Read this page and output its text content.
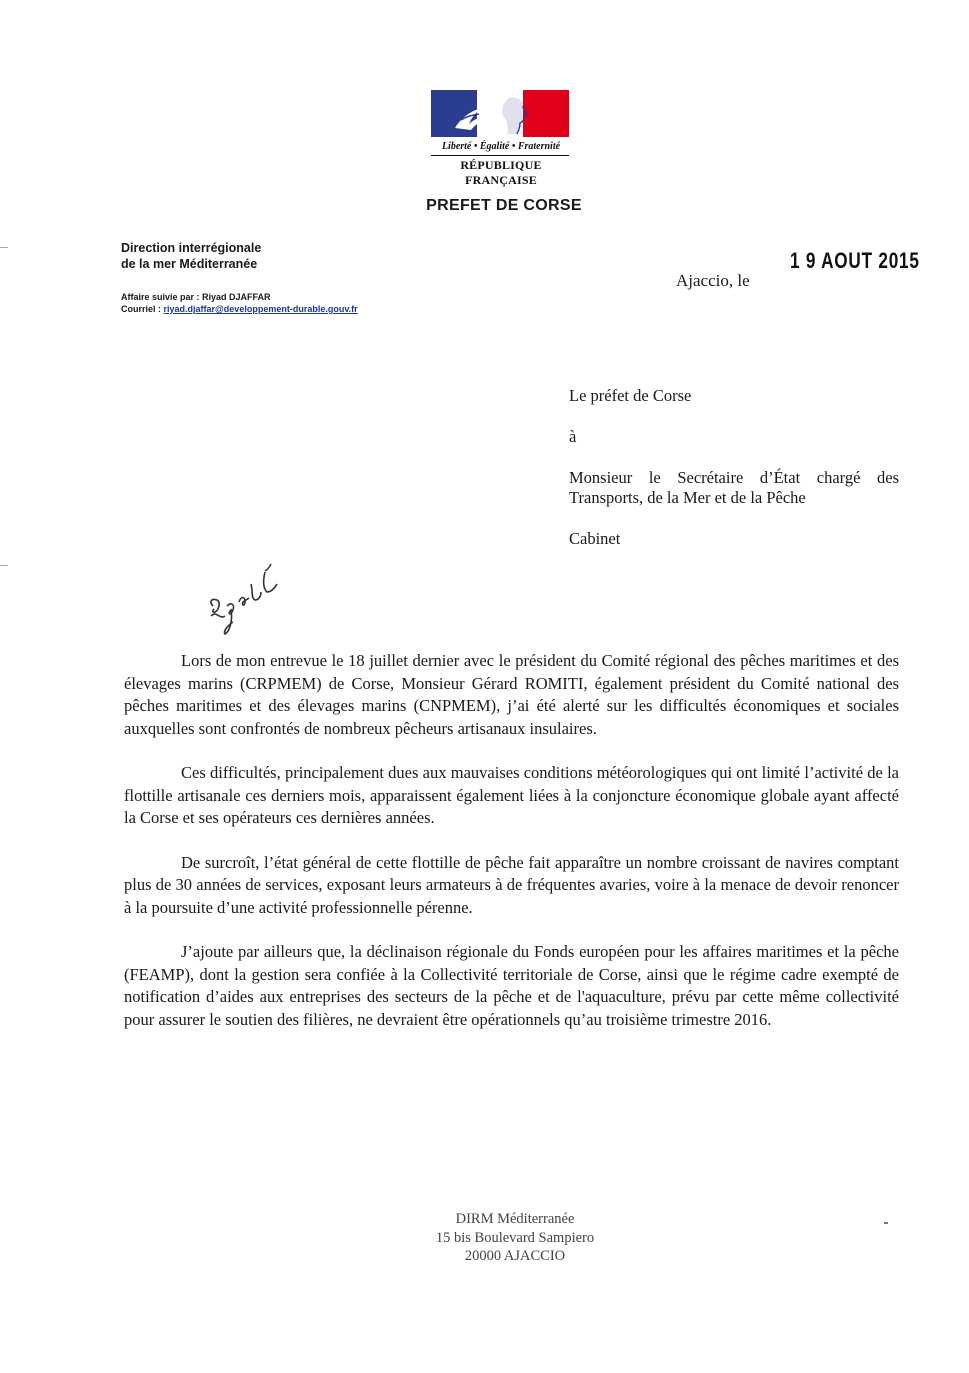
Liberté • Égalité • Fraternité
RÉPUBLIQUE FRANÇAISE
PREFET DE CORSE
Direction interrégionale
de la mer Méditerranée
Affaire suivie par : Riyad DJAFFAR
Courriel : riyad.djaffar@developpement-durable.gouv.fr
Ajaccio, le
1 9 AOUT 2015

Le préfet de Corse

à

Monsieur le Secrétaire d’État chargé des

Transports, de la Mer et de la Pêche

Cabinet

Lors de mon entrevue le 18 juillet dernier avec le président du Comité régional des pêches maritimes et des élevages marins (CRPMEM) de Corse, Monsieur Gérard ROMITI, également président du Comité national des pêches maritimes et des élevages marins (CNPMEM), j’ai été alerté sur les difficultés économiques et sociales auxquelles sont confrontés de nombreux pêcheurs artisanaux insulaires.

Ces difficultés, principalement dues aux mauvaises conditions météorologiques qui ont limité l’activité de la flottille artisanale ces derniers mois, apparaissent également liées à la conjoncture économique globale ayant affecté la Corse et ses opérateurs ces dernières années.

De surcroît, l’état général de cette flottille de pêche fait apparaître un nombre croissant de navires comptant plus de 30 années de services, exposant leurs armateurs à de fréquentes avaries, voire à la menace de devoir renoncer à la poursuite d’une activité professionnelle pérenne.

J’ajoute par ailleurs que, la déclinaison régionale du Fonds européen pour les affaires maritimes et la pêche (FEAMP), dont la gestion sera confiée à la Collectivité territoriale de Corse, ainsi que le régime cadre exempté de notification d’aides aux entreprises des secteurs de la pêche et de l'aquaculture, prévu par cette même collectivité pour assurer le soutien des filières, ne devraient être opérationnels qu’au troisième trimestre 2016.

DIRM Méditerranée
15 bis Boulevard Sampiero
20000 AJACCIO
